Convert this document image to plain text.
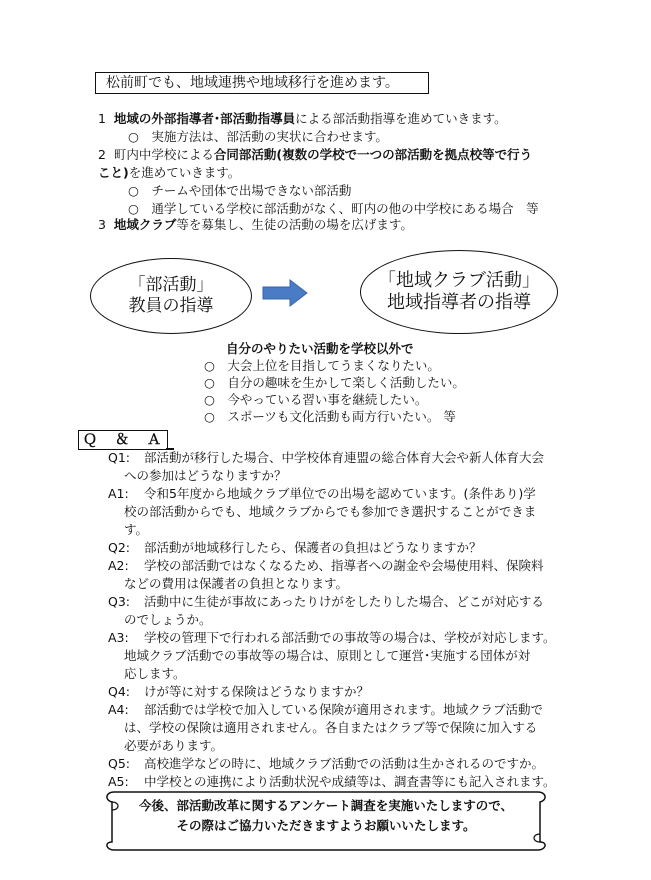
松前町でも、地域連携や地域移行を進めます。
1 地域の外部指導者･部活動指導員による部活動指導を進めていきます。
○　実施方法は、部活動の実状に合わせます。
2 町内中学校による合同部活動(複数の学校で一つの部活動を拠点校等で行う
こと)を進めていきます。
○　チームや団体で出場できない部活動
○　通学している学校に部活動がなく、町内の他の中学校にある場合　等
3 地域クラブ等を募集し、生徒の活動の場を広げます。
「部活動」
教員の指導
「地域クラブ活動」
地域指導者の指導
自分のやりたい活動を学校以外で
○　大会上位を目指してうまくなりたい。
○　自分の趣味を生かして楽しく活動したい。
○　今やっている習い事を継続したい。
○　スポーツも文化活動も両方行いたい。 等
Ｑ　＆　Ａ
Q1: 部活動が移行した場合、中学校体育連盟の総合体育大会や新人体育大会
への参加はどうなりますか？
A1: 令和5年度から地域クラブ単位での出場を認めています。(条件あり)学
校の部活動からでも、地域クラブからでも参加でき選択することができま
す。
Q2: 部活動が地域移行したら、保護者の負担はどうなりますか？
A2: 学校の部活動ではなくなるため、指導者への謝金や会場使用料、保険料
などの費用は保護者の負担となります。
Q3: 活動中に生徒が事故にあったりけがをしたりした場合、どこが対応する
のでしょうか。
A3: 学校の管理下で行われる部活動での事故等の場合は、学校が対応します。
地域クラブ活動での事故等の場合は、原則として運営･実施する団体が対
応します。
Q4: けが等に対する保険はどうなりますか？
A4: 部活動では学校で加入している保険が適用されます。地域クラブ活動で
は、学校の保険は適用されません。各自またはクラブ等で保険に加入する
必要があります。
Q5: 高校進学などの時に、地域クラブ活動での活動は生かされるのですか。
A5: 中学校との連携により活動状況や成績等は、調査書等にも記入されます。
今後、部活動改革に関するアンケート調査を実施いたしますので、
その際はご協力いただきますようお願いいたします。
